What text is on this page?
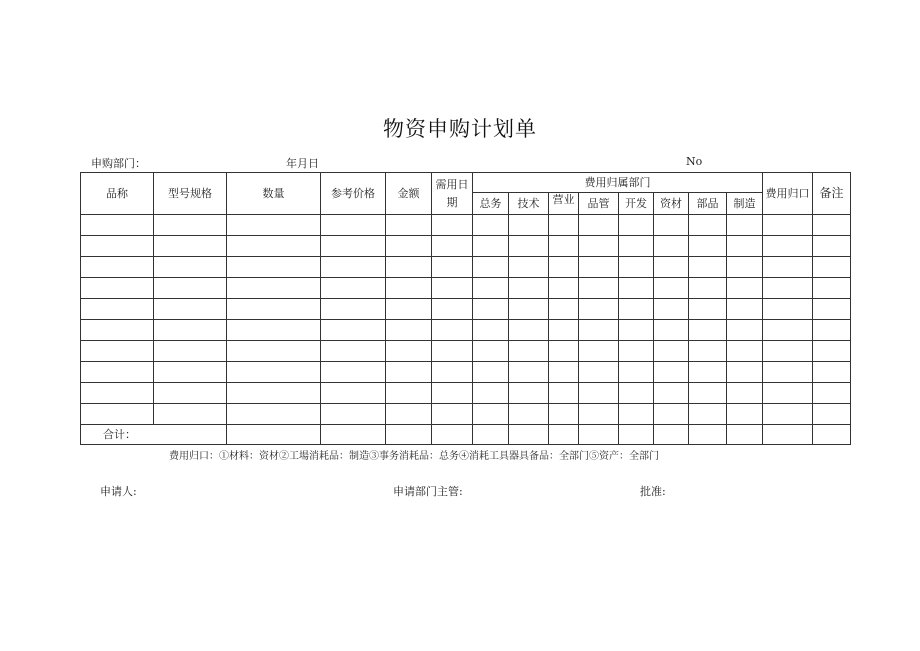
物资申购计划单
申购部门：	年月日	No
品称	型号规格	数量	参考价格	金额	需用日期	费用归属部门								费用归口	备注
						总务	技术	营业	品管	开发	资材	部品	制造		

合计：															
费用归口：①材料：资材②工場消耗品：制造③事务消耗品：总务④消耗工具器具备品：全部门⑤资产：全部门
申请人:	申请部门主管:	批准:
